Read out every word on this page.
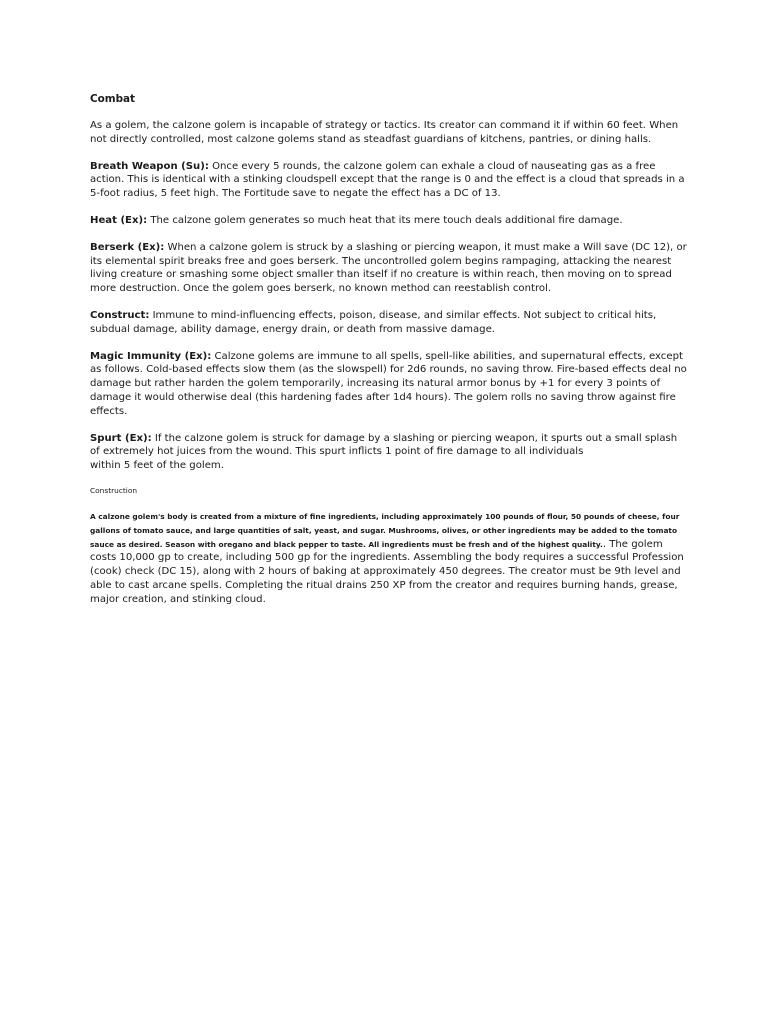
Combat

As a golem, the calzone golem is incapable of strategy or tactics. Its creator can command it if within 60 feet. When not directly controlled, most calzone golems stand as steadfast guardians of kitchens, pantries, or dining halls.

Breath Weapon (Su): Once every 5 rounds, the calzone golem can exhale a cloud of nauseating gas as a free action. This is identical with a stinking cloudspell except that the range is 0 and the effect is a cloud that spreads in a 5-foot radius, 5 feet high. The Fortitude save to negate the effect has a DC of 13.

Heat (Ex): The calzone golem generates so much heat that its mere touch deals additional fire damage.

Berserk (Ex): When a calzone golem is struck by a slashing or piercing weapon, it must make a Will save (DC 12), or its elemental spirit breaks free and goes berserk. The uncontrolled golem begins rampaging, attacking the nearest living creature or smashing some object smaller than itself if no creature is within reach, then moving on to spread more destruction. Once the golem goes berserk, no known method can reestablish control.

Construct: Immune to mind-influencing effects, poison, disease, and similar effects. Not subject to critical hits, subdual damage, ability damage, energy drain, or death from massive damage.

Magic Immunity (Ex): Calzone golems are immune to all spells, spell-like abilities, and supernatural effects, except as follows. Cold-based effects slow them (as the slowspell) for 2d6 rounds, no saving throw. Fire-based effects deal no damage but rather harden the golem temporarily, increasing its natural armor bonus by +1 for every 3 points of damage it would otherwise deal (this hardening fades after 1d4 hours). The golem rolls no saving throw against fire effects.

Spurt (Ex): If the calzone golem is struck for damage by a slashing or piercing weapon, it spurts out a small splash of extremely hot juices from the wound. This spurt inflicts 1 point of fire damage to all individuals
within 5 feet of the golem.

Construction

A calzone golem's body is created from a mixture of fine ingredients, including approximately 100 pounds of flour, 50 pounds of cheese, four gallons of tomato sauce, and large quantities of salt, yeast, and sugar. Mushrooms, olives, or other ingredients may be added to the tomato sauce as desired. Season with oregano and black pepper to taste. All ingredients must be fresh and of the highest quality.. The golem costs 10,000 gp to create, including 500 gp for the ingredients. Assembling the body requires a successful Profession (cook) check (DC 15), along with 2 hours of baking at approximately 450 degrees. The creator must be 9th level and able to cast arcane spells. Completing the ritual drains 250 XP from the creator and requires burning hands, grease, major creation, and stinking cloud.
